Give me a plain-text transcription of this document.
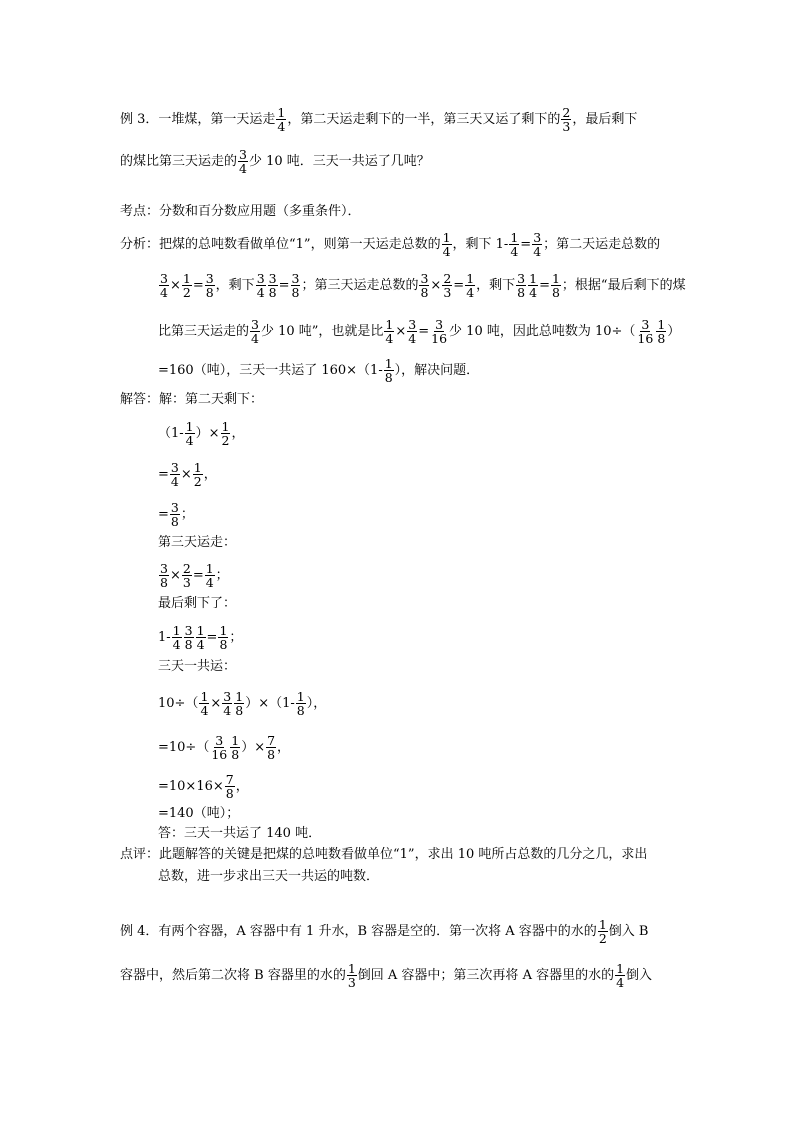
例 3．一堆煤，第一天运走 $\frac{1}{4}$ ，第二天运走剩下的一半，第三天又运了剩下的 $\frac{2}{3}$ ，最后剩下
的煤比第三天运走的 $\frac{3}{4}$ 少 10 吨．三天一共运了几吨？
考点：分数和百分数应用题（多重条件）．
分析：把煤的总吨数看做单位“1”，则第一天运走总数的 $\frac{1}{4}$ ，剩下 $1- \frac{1}{4} = \frac{3}{4}$ ；第二天运走总数的
$\frac{3}{4} \times \frac{1}{2} = \frac{3}{8}$ ，剩下 $\frac{3}{4} \frac{3}{8} = \frac{3}{8}$ ；第三天运走总数的 $\frac{3}{8} \times \frac{2}{3} = \frac{1}{4}$ ，剩下 $\frac{3}{8} \frac{1}{4} = \frac{1}{8}$ ；根据“最后剩下的煤
比第三天运走的 $\frac{3}{4}$ 少 10 吨”，也就是比 $\frac{1}{4} \times \frac{3}{4} = \frac{3}{16}$ 少 10 吨，因此总吨数为 $10\div( \frac{3}{16} \frac{1}{8}$ ）
=160（吨），三天一共运了 $160\times(1- \frac{1}{8}$ ），解决问题．
解答：解：第二天剩下：
（$1- \frac{1}{4}$ ）× $\frac{1}{2}$ ，
= $\frac{3}{4} \times \frac{1}{2}$ ，
= $\frac{3}{8}$ ；
第三天运走：
$\frac{3}{8} \times \frac{2}{3} = \frac{1}{4}$ ；
最后剩下了：
$1- \frac{1}{4} \frac{3}{8} \frac{1}{4} = \frac{1}{8}$ ；
三天一共运：
$10\div( \frac{1}{4} \times \frac{3}{4} \frac{1}{8} )\times(1- \frac{1}{8}$ ），
$=10\div( \frac{3}{16} \frac{1}{8}$ ）× $\frac{7}{8}$ ，
$=10\times 16\times \frac{7}{8}$ ，
=140（吨）；
答：三天一共运了 140 吨．
点评：此题解答的关键是把煤的总吨数看做单位“1”，求出 10 吨所占总数的几分之几，求出
总数，进一步求出三天一共运的吨数．
例 4．有两个容器，A 容器中有 1 升水，B 容器是空的．第一次将 A 容器中的水的 $\frac{1}{2}$ 倒入 B
容器中，然后第二次将 B 容器里的水的 $\frac{1}{3}$ 倒回 A 容器中；第三次再将 A 容器里的水的 $\frac{1}{4}$ 倒入
